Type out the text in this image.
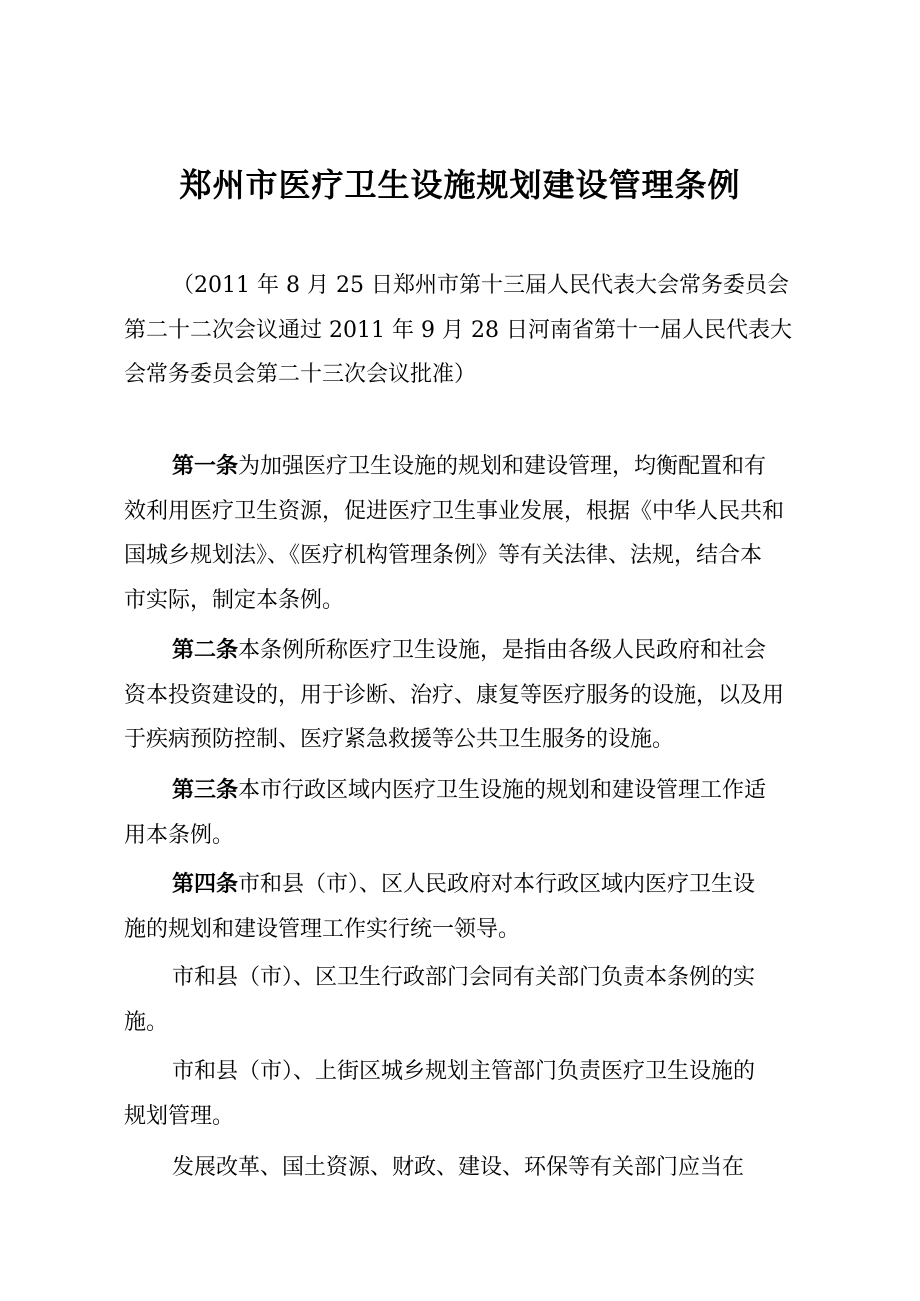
郑州市医疗卫生设施规划建设管理条例
（2011 年 8 月 25 日郑州市第十三届人民代表大会常务委员会
第二十二次会议通过 2011 年 9 月 28 日河南省第十一届人民代表大
会常务委员会第二十三次会议批准）
第一条为加强医疗卫生设施的规划和建设管理，均衡配置和有
效利用医疗卫生资源，促进医疗卫生事业发展，根据《中华人民共和
国城乡规划法》、《医疗机构管理条例》等有关法律、法规，结合本
市实际，制定本条例。
第二条本条例所称医疗卫生设施，是指由各级人民政府和社会
资本投资建设的，用于诊断、治疗、康复等医疗服务的设施，以及用
于疾病预防控制、医疗紧急救援等公共卫生服务的设施。
第三条本市行政区域内医疗卫生设施的规划和建设管理工作适
用本条例。
第四条市和县（市）、区人民政府对本行政区域内医疗卫生设
施的规划和建设管理工作实行统一领导。
市和县（市）、区卫生行政部门会同有关部门负责本条例的实
施。
市和县（市）、上街区城乡规划主管部门负责医疗卫生设施的
规划管理。
发展改革、国土资源、财政、建设、环保等有关部门应当在
